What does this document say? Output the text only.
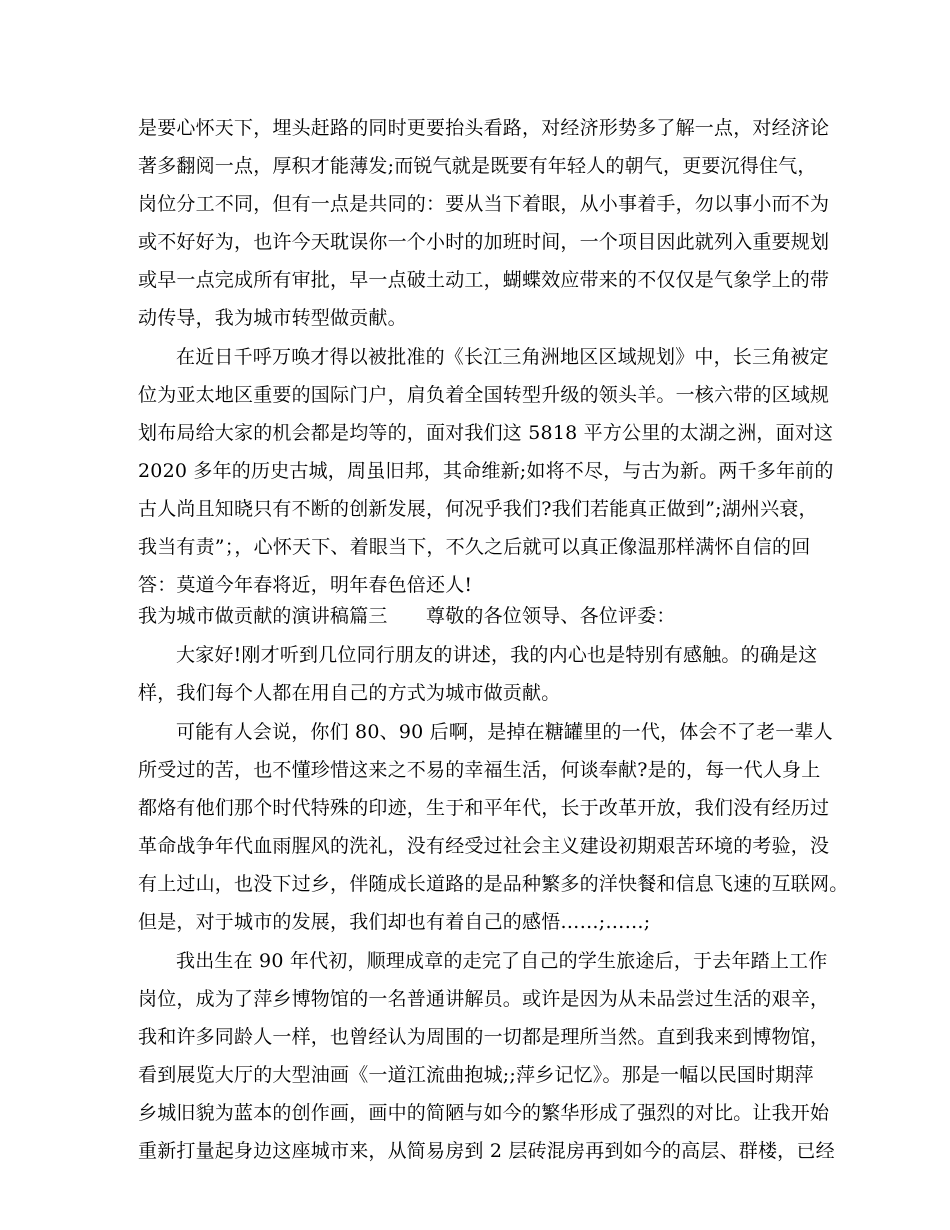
是要心怀天下，埋头赶路的同时更要抬头看路，对经济形势多了解一点，对经济论
著多翻阅一点，厚积才能薄发;而锐气就是既要有年轻人的朝气，更要沉得住气，
岗位分工不同，但有一点是共同的：要从当下着眼，从小事着手，勿以事小而不为
或不好好为，也许今天耽误你一个小时的加班时间，一个项目因此就列入重要规划
或早一点完成所有审批，早一点破土动工，蝴蝶效应带来的不仅仅是气象学上的带
动传导，我为城市转型做贡献。
在近日千呼万唤才得以被批准的《长江三角洲地区区域规划》中，长三角被定
位为亚太地区重要的国际门户，肩负着全国转型升级的领头羊。一核六带的区域规
划布局给大家的机会都是均等的，面对我们这 5818 平方公里的太湖之洲，面对这
2020 多年的历史古城，周虽旧邦，其命维新;如将不尽，与古为新。两千多年前的
古人尚且知晓只有不断的创新发展，何况乎我们?我们若能真正做到”;湖州兴衰，
我当有责”；，心怀天下、着眼当下，不久之后就可以真正像温那样满怀自信的回
答：莫道今年春将近，明年春色倍还人!
我为城市做贡献的演讲稿篇三　　尊敬的各位领导、各位评委：
大家好!刚才听到几位同行朋友的讲述，我的内心也是特别有感触。的确是这
样，我们每个人都在用自己的方式为城市做贡献。
可能有人会说，你们 80、90 后啊，是掉在糖罐里的一代，体会不了老一辈人
所受过的苦，也不懂珍惜这来之不易的幸福生活，何谈奉献?是的，每一代人身上
都烙有他们那个时代特殊的印迹，生于和平年代，长于改革开放，我们没有经历过
革命战争年代血雨腥风的洗礼，没有经受过社会主义建设初期艰苦环境的考验，没
有上过山，也没下过乡，伴随成长道路的是品种繁多的洋快餐和信息飞速的互联网。
但是，对于城市的发展，我们却也有着自己的感悟……;……;
我出生在 90 年代初，顺理成章的走完了自己的学生旅途后，于去年踏上工作
岗位，成为了萍乡博物馆的一名普通讲解员。或许是因为从未品尝过生活的艰辛，
我和许多同龄人一样，也曾经认为周围的一切都是理所当然。直到我来到博物馆，
看到展览大厅的大型油画《一道江流曲抱城;;萍乡记忆》。那是一幅以民国时期萍
乡城旧貌为蓝本的创作画，画中的简陋与如今的繁华形成了强烈的对比。让我开始
重新打量起身边这座城市来，从简易房到 2 层砖混房再到如今的高层、群楼，已经
